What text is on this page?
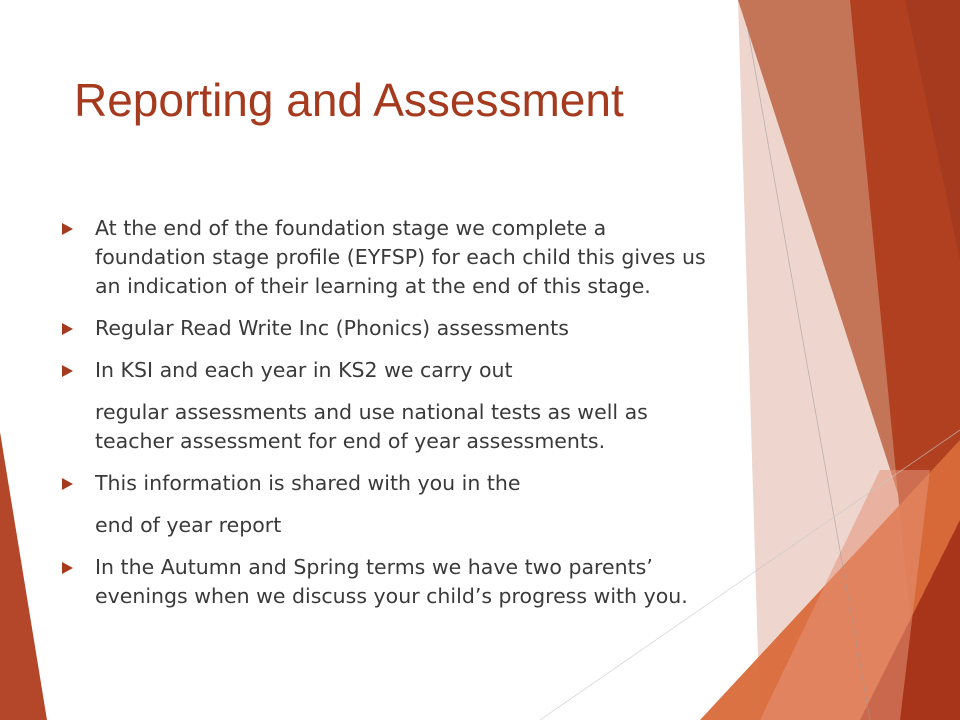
Reporting and Assessment
At the end of the foundation stage we complete a foundation stage profile (EYFSP) for each child this gives us an indication of their learning at the end of this stage.
Regular Read Write Inc (Phonics) assessments
In KSI and each year in KS2 we carry out
regular assessments and use national tests as well as teacher assessment for end of year assessments.
This information is shared with you in the
end of year report
In the Autumn and Spring terms we have two parents’ evenings when we discuss your child’s progress with you.
